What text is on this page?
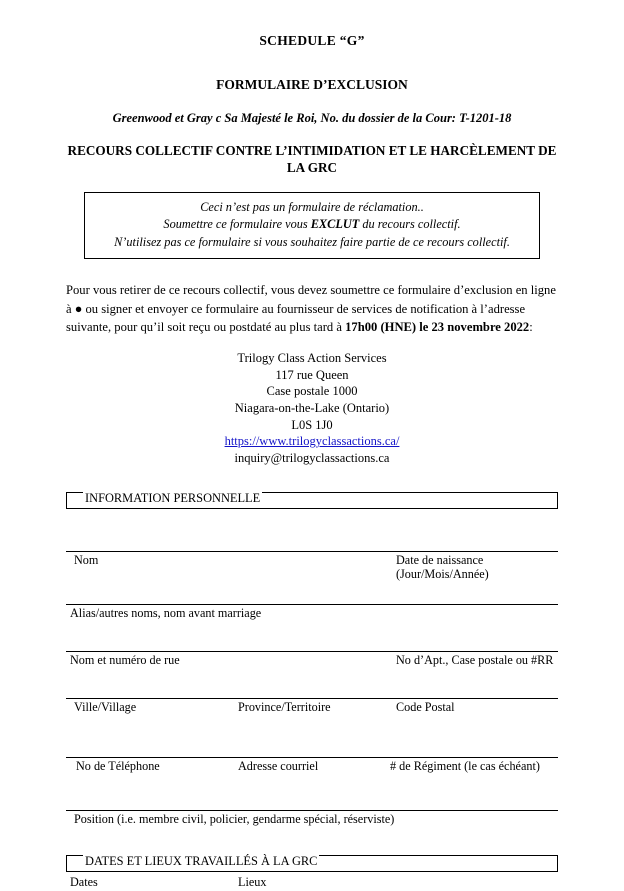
SCHEDULE “G”
FORMULAIRE D’EXCLUSION
Greenwood et Gray c Sa Majesté le Roi, No. du dossier de la Cour: T-1201-18
RECOURS COLLECTIF CONTRE L’INTIMIDATION ET LE HARCÈLEMENT DE LA GRC
Ceci n’est pas un formulaire de réclamation..
Soumettre ce formulaire vous EXCLUT du recours collectif.
N’utilisez pas ce formulaire si vous souhaitez faire partie de ce recours collectif.
Pour vous retirer de ce recours collectif, vous devez soumettre ce formulaire d’exclusion en ligne à ● ou signer et envoyer ce formulaire au fournisseur de services de notification à l’adresse suivante, pour qu’il soit reçu ou postdaté au plus tard à 17h00 (HNE) le 23 novembre 2022:
Trilogy Class Action Services
117 rue Queen
Case postale 1000
Niagara-on-the-Lake (Ontario)
L0S 1J0
https://www.trilogyclassactions.ca/
inquiry@trilogyclassactions.ca
INFORMATION PERSONNELLE
Nom	Date de naissance
(Jour/Mois/Année)
Alias/autres noms, nom avant marriage
Nom et numéro de rue	No d’Apt., Case postale ou #RR
Ville/Village	Province/Territoire	Code Postal
No de Téléphone	Adresse courriel	# de Régiment (le cas échéant)
Position (i.e. membre civil, policier, gendarme spécial, réserviste)
DATES ET LIEUX TRAVAILLÉS À LA GRC
Dates	Lieux
